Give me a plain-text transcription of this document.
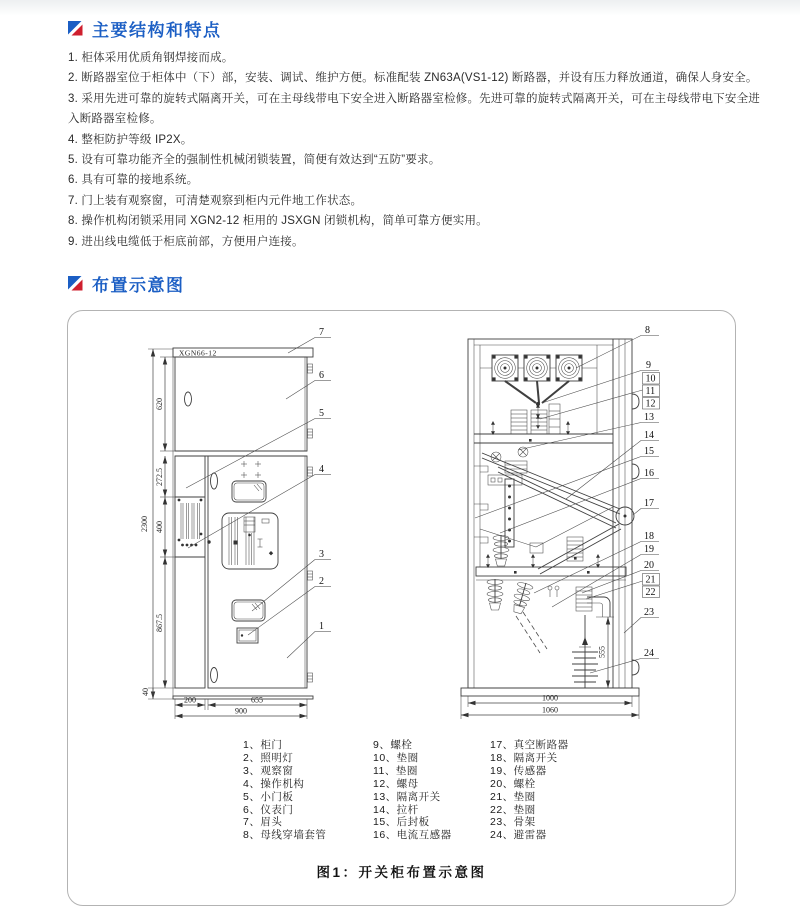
主要结构和特点
1. 柜体采用优质角钢焊接而成。
2. 断路器室位于柜体中（下）部，安装、调试、维护方便。标准配装 ZN63A(VS1-12) 断路器，并设有压力释放通道，确保人身安全。
3. 采用先进可靠的旋转式隔离开关，可在主母线带电下安全进入断路器室检修。先进可靠的旋转式隔离开关，可在主母线带电下安全进入断路器室检修。
4. 整柜防护等级 IP2X。
5. 设有可靠功能齐全的强制性机械闭锁装置，简便有效达到“五防”要求。
6. 具有可靠的接地系统。
7. 门上装有观察窗，可清楚观察到柜内元件地工作状态。
8. 操作机构闭锁采用同 XGN2-12 柜用的 JSXGN 闭锁机构，简单可靠方便实用。
9. 进出线电缆低于柜底前部，方便用户连接。
布置示意图
XGN66-12
2300
620
272.5
400
867.5
40
200	655
900
7
6
5
4
3
2
1
555
1000
1060
8
9
10
11
12
13
14
15
16
17
18
19
20
21
22
23
24
1、柜门
2、照明灯
3、观察窗
4、操作机构
5、小门板
6、仪表门
7、眉头
8、母线穿墙套管
9、螺栓
10、垫圈
11、垫圈
12、螺母
13、隔离开关
14、拉杆
15、后封板
16、电流互感器
17、真空断路器
18、隔离开关
19、传感器
20、螺栓
21、垫圈
22、垫圈
23、骨架
24、避雷器
图1：开关柜布置示意图
